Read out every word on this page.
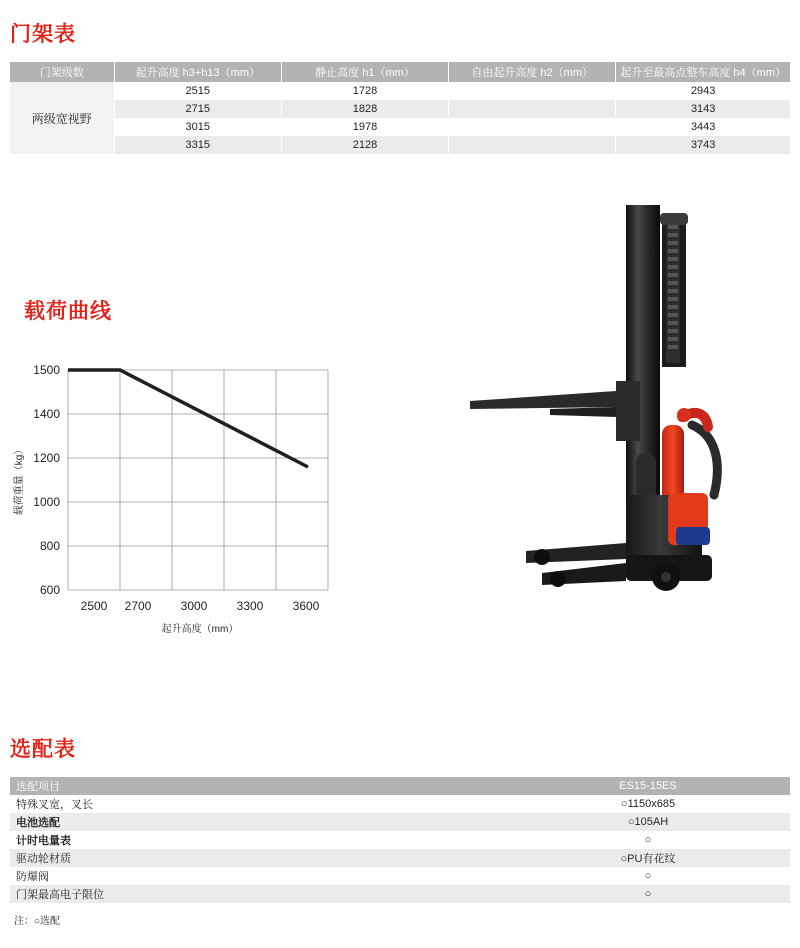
门架表
门架级数	起升高度 h3+h13（mm）	静止高度 h1（mm）	自由起升高度 h2（mm）	起升至最高点整车高度 h4（mm）
两级宽视野	2515	1728		2943
	2715	1828		3143
	3015	1978		3443
	3315	2128		3743
载荷曲线
600
800
1000
1200
1400
1500
2500 2700 3000 3300 3600
起升高度（mm）
载荷重量（kg）
选配表
选配项目		ES15-15ES
特殊叉宽，叉长		○1150x685
电池选配		○105AH
计时电量表		○
驱动轮材质		○PU有花纹
防爆阀		○
门架最高电子限位		○
注：○选配
